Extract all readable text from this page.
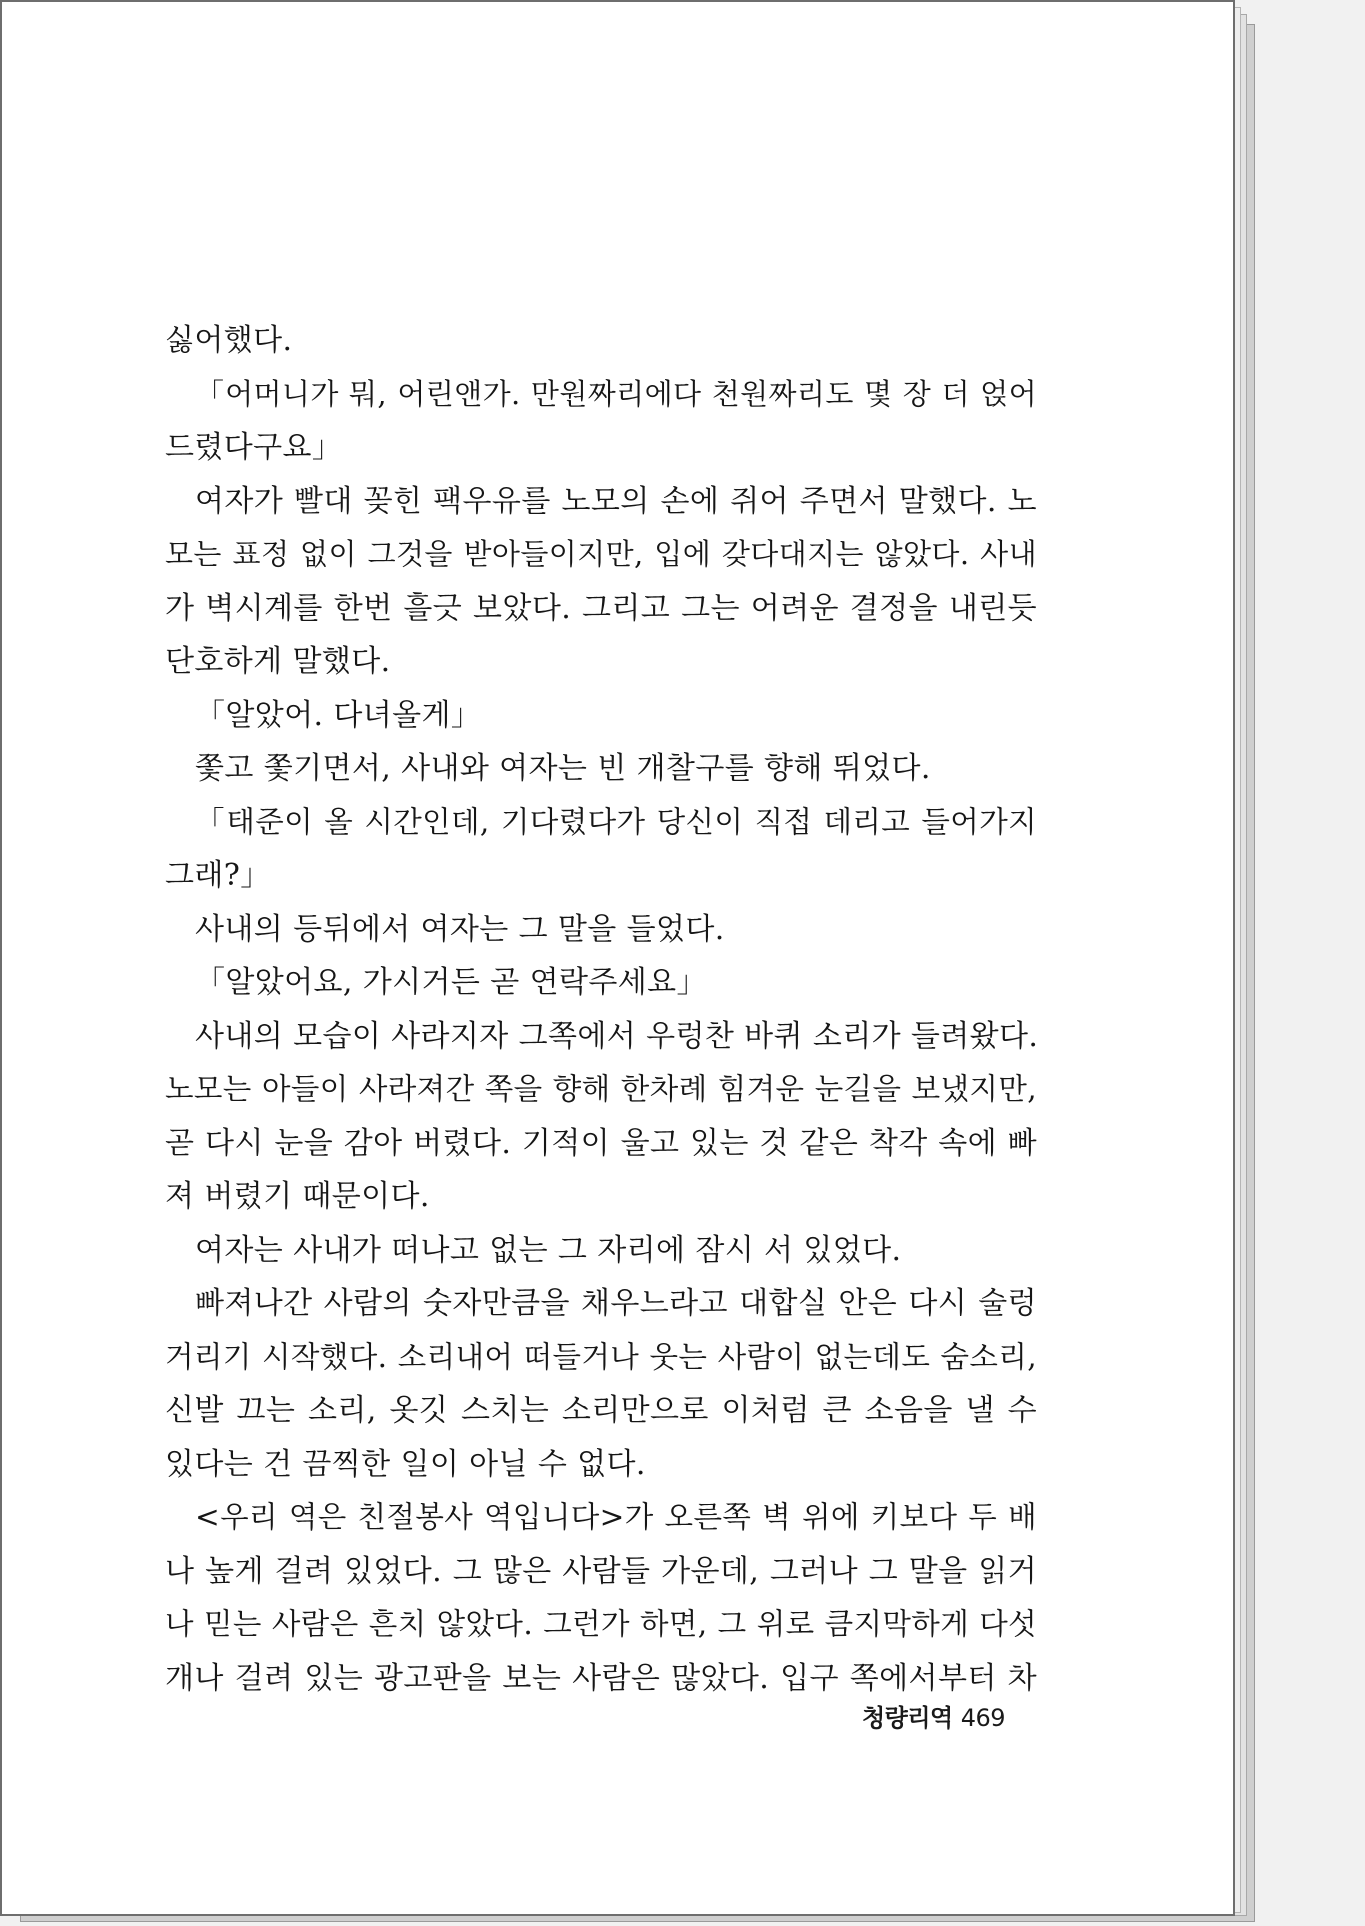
싫어했다.
「어머니가 뭐, 어린앤가. 만원짜리에다 천원짜리도 몇 장 더 얹어
드렸다구요」
여자가 빨대 꽂힌 팩우유를 노모의 손에 쥐어 주면서 말했다. 노
모는 표정 없이 그것을 받아들이지만, 입에 갖다대지는 않았다. 사내
가 벽시계를 한번 흘긋 보았다. 그리고 그는 어려운 결정을 내린듯
단호하게 말했다.
「알았어. 다녀올게」
쫓고 쫓기면서, 사내와 여자는 빈 개찰구를 향해 뛰었다.
「태준이 올 시간인데, 기다렸다가 당신이 직접 데리고 들어가지
그래?」
사내의 등뒤에서 여자는 그 말을 들었다.
「알았어요, 가시거든 곧 연락주세요」
사내의 모습이 사라지자 그쪽에서 우렁찬 바퀴 소리가 들려왔다.
노모는 아들이 사라져간 쪽을 향해 한차례 힘겨운 눈길을 보냈지만,
곧 다시 눈을 감아 버렸다. 기적이 울고 있는 것 같은 착각 속에 빠
져 버렸기 때문이다.
여자는 사내가 떠나고 없는 그 자리에 잠시 서 있었다.
빠져나간 사람의 숫자만큼을 채우느라고 대합실 안은 다시 술렁
거리기 시작했다. 소리내어 떠들거나 웃는 사람이 없는데도 숨소리,
신발 끄는 소리, 옷깃 스치는 소리만으로 이처럼 큰 소음을 낼 수
있다는 건 끔찍한 일이 아닐 수 없다.
<우리 역은 친절봉사 역입니다>가 오른쪽 벽 위에 키보다 두 배
나 높게 걸려 있었다. 그 많은 사람들 가운데, 그러나 그 말을 읽거
나 믿는 사람은 흔치 않았다. 그런가 하면, 그 위로 큼지막하게 다섯
개나 걸려 있는 광고판을 보는 사람은 많았다. 입구 쪽에서부터 차
청량리역 469
